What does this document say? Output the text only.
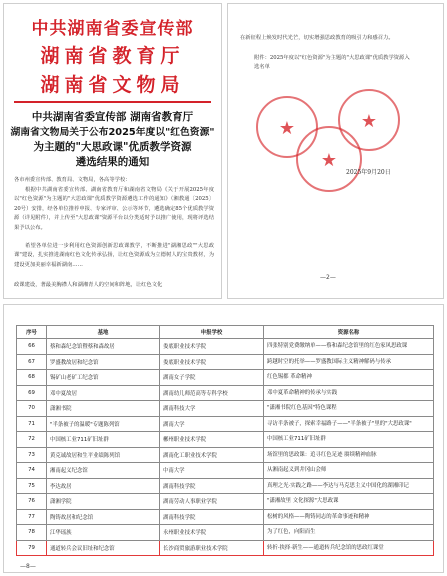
中共湖南省委宣传部
湖南省教育厅
湖南省文物局
中共湖南省委宣传部 湖南省教育厅
湖南省文物局关于公布2025年度以"红色资源"
为主题的"大思政课"优质教学资源
遴选结果的通知
各市州委宣传部、教育局、文物局，各高等学校：
根据中共湖南省委宣传部、湖南省教育厅和湖南省文物局《关于开展2025年度以"红色资源"为主题的"大思政课"优质教学资源遴选工作的通知》（湘教通〔2025〕20号）安排，经各单位推荐申报、专家评审、公示等环节，遴选确定85个优质教学资源（详见附件），并上传至"大思政课"资源平台以分类适时予以推广使用，现将评选结果予以公布。
希望各单位进一步利用红色资源创新思政课教学，不断推进"湖湘思政""大思政课"建设，扎实推进湖南红色文化传承弘扬，让红色资源成为立德树人的宝贵教材，为建设更加美丽幸福新湖南……
政课建设，著最美胸襟人和湖湘青人的空间和阵地，让红色文化
在新征程上焕发时代光芒，切实增强思政教育的吸引力和感召力。
附件：2025年度以"红色资源"为主题的"大思政课"优质教学资源入选名单
★	★
★
2025年9月20日
—2—
序号	基地	申报学校	资源名称
66	蔡和森纪念馆暨蔡和森故居	娄底职业技术学院	四张特别党费缴纳单——蔡和森纪念馆里的红色家风思政课
67	罗盛教故居和纪念馆	娄底职业技术学院	跨越时空的托举——罗盛教国际主义精神解码与传承
68	锡矿山老矿工纪念馆	湖南女子学院	红色锡都 革命精神
69	邓中夏故居	湖南幼儿师范高等专科学校	邓中夏革命精神的传承与实践
70	潇湘书院	湖南科技大学	"潇湘书院红色基因"特色课程
71	"半条被子的温暖"专题陈列馆	湖南大学	寻访半条被子，探索幸福路子——"半条被子"里的"大思政课"
72	中国核工业711矿旧址群	郴州职业技术学院	中国核工业711矿旧址群
73	黄克诚故居和生平业绩陈列馆	湖南化工职业技术学院	场馆里的思政课：追寻红色足迹 赓续精神血脉
74	湘南起义纪念馆	中南大学	从湘南起义到井冈山会师
75	李达故居	湖南科技学院	真理之光·实践之路——李达与马克思主义中国化的湖湘印记
76	潇湘学院	湖南劳动人事职业学院	"潇湘故里 文化探源"大思政课
77	陶铸故居和纪念馆	湖南科技学院	松树的风格——陶铸同志的革命事迹和精神
78	江华瑶族	永州职业技术学院	为了红色，向阳而生
79	通道转兵会议旧址和纪念馆	长沙商贸旅游职业技术学院	转折·抉择·新生——通道转兵纪念馆的思政红课堂
—8—
